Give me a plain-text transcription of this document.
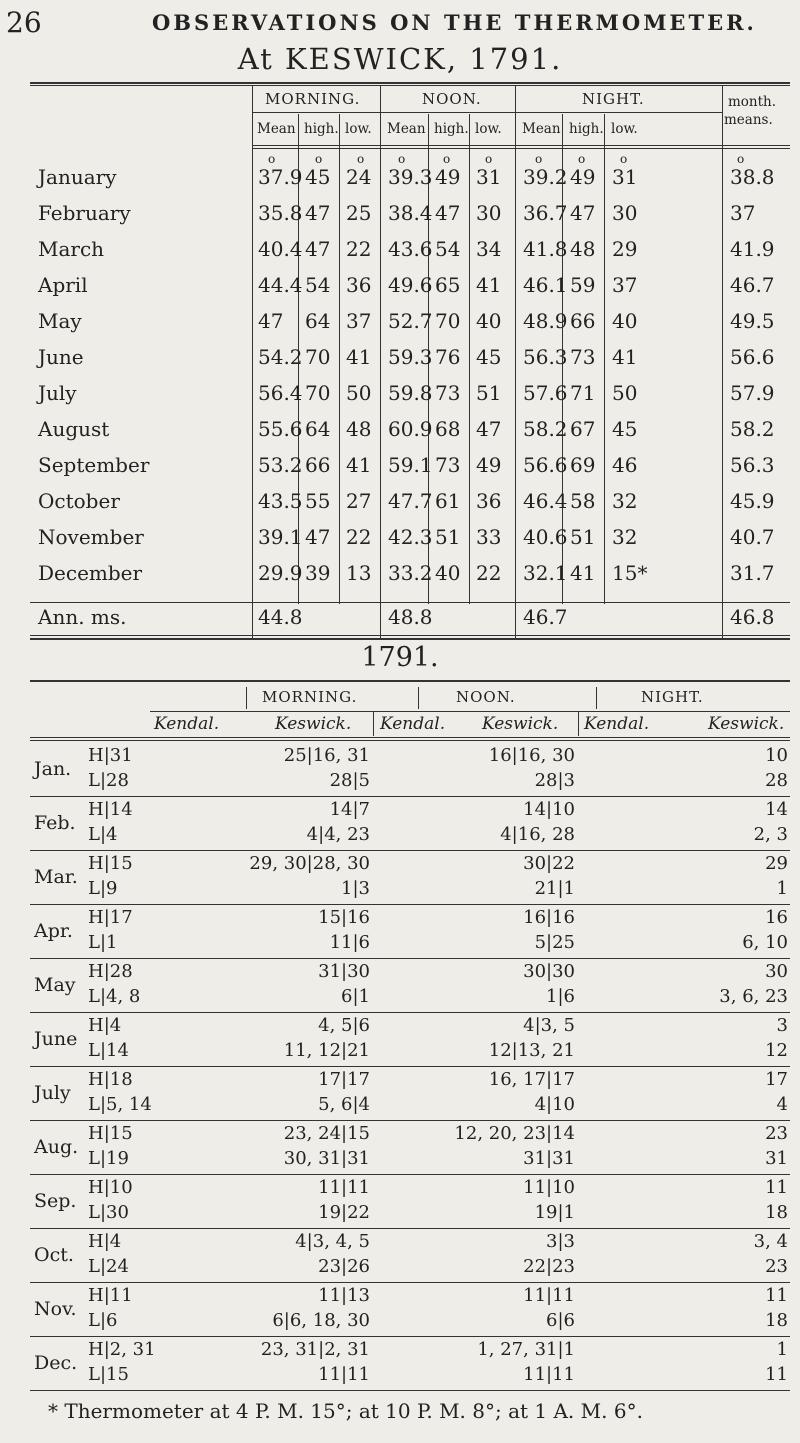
26	OBSERVATIONS ON THE THERMOMETER.
At KESWICK, 1791.
MORNING.	NOON.	NIGHT.	month.
means.
Mean high. low. Mean high. low. Mean high. low.
o	o	o	o	o	o	o	o	o	o
January	37.9 45 24 39.3 49 31 39.2 49 31	38.8
February	35.8 47 25 38.4 47 30 36.7 47 30	37
March	40.4 47 22 43.6 54 34 41.8 48 29	41.9
April	44.4 54 36 49.6 65 41 46.1 59 37	46.7
May	47 64 37 52.7 70 40 48.9 66 40	49.5
June	54.2 70 41 59.3 76 45 56.3 73 41	56.6
July	56.4 70 50 59.8 73 51 57.6 71 50	57.9
August	55.6 64 48 60.9 68 47 58.2 67 45	58.2
September	53.2 66 41 59.1 73 49 56.6 69 46	56.3
October	43.5 55 27 47.7 61 36 46.4 58 32	45.9
November	39.1 47 22 42.3 51 33 40.6 51 32	40.7
December	29.9 39 13 33.2 40 22 32.1 41 15*	31.7
Ann. ms.	44.8	48.8	46.7	46.8
1791.
MORNING.	NOON.	NIGHT.
Kendal.	Keswick. Kendal. Keswick. Kendal.	Keswick.
Jan.
H|31	25|16, 31	16|16, 30	10
L|28	28|5	28|3	28
Feb.
H|14	14|7	14|10	14
L|4	4|4, 23	4|16, 28	2, 3
Mar.
H|15	29, 30|28, 30	30|22	29
L|9	1|3	21|1	1
Apr.
H|17	15|16	16|16	16
L|1	11|6	5|25	6, 10
May
H|28	31|30	30|30	30
L|4, 8	6|1	1|6	3, 6, 23
June
H|4	4, 5|6	4|3, 5	3
L|14	11, 12|21	12|13, 21	12
July
H|18	17|17	16, 17|17	17
L|5, 14	5, 6|4	4|10	4
Aug.
H|15	23, 24|15	12, 20, 23|14	23
L|19	30, 31|31	31|31	31
Sep.
H|10	11|11	11|10	11
L|30	19|22	19|1	18
Oct.
H|4	4|3, 4, 5	3|3	3, 4
L|24	23|26	22|23	23
Nov.
H|11	11|13	11|11	11
L|6	6|6, 18, 30	6|6	18
Dec.
H|2, 31	23, 31|2, 31	1, 27, 31|1	1
L|15	11|11	11|11	11
* Thermometer at 4 P. M. 15°; at 10 P. M. 8°; at 1 A. M. 6°.
